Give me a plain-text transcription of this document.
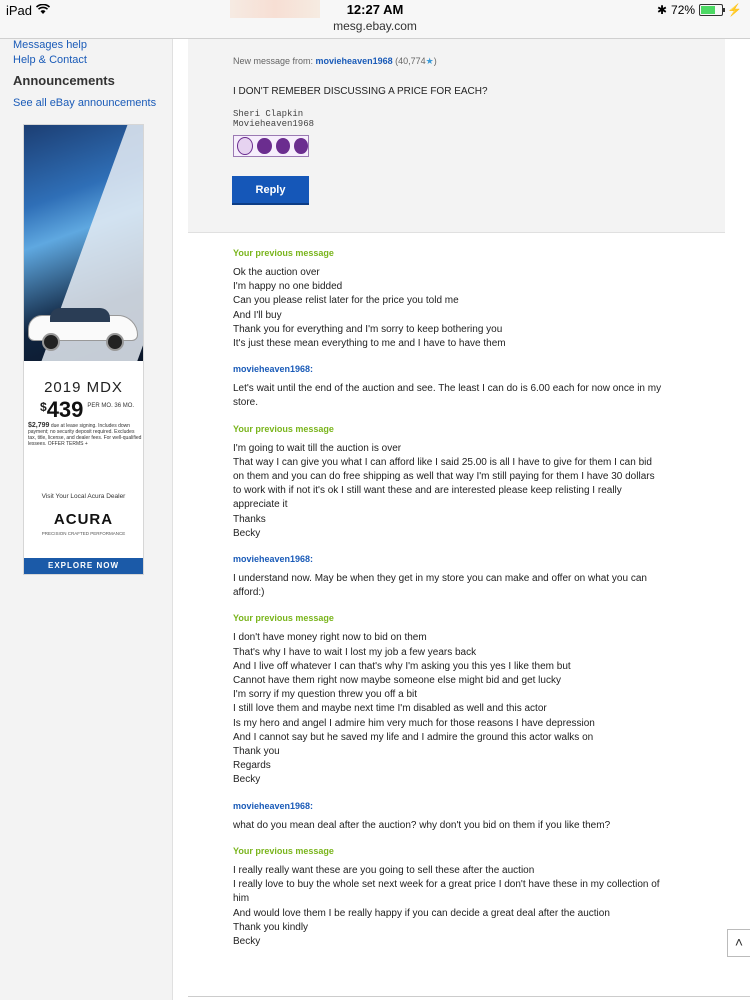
iPad	12:27 AM
mesg.ebay.com
✱ 72%	⚡
Messages help
Help & Contact
Announcements
See all eBay announcements
2019 MDX
$ 439 PER MO. 36 MO.
$2,799 due at lease signing. Includes down payment; no security deposit required. Excludes tax, title, license, and dealer fees. For well-qualified lessees. OFFER TERMS +
Visit Your Local Acura Dealer
ACURA
PRECISION CRAFTED PERFORMANCE
EXPLORE NOW
New message from: movieheaven1968 (40,774★)
I DON'T REMEBER DISCUSSING A PRICE FOR EACH?
Sheri Clapkin
Movieheaven1968
Reply
Your previous message
Ok the auction over
I'm happy no one bidded
Can you please relist later for the price you told me
And I'll buy
Thank you for everything and I'm sorry to keep bothering you
It's just these mean everything to me and I have to have them
movieheaven1968:
Let's wait until the end of the auction and see. The least I can do is 6.00 each for now once in my
store.
Your previous message
I'm going to wait till the auction is over
That way I can give you what I can afford like I said 25.00 is all I have to give for them I can bid
on them and you can do free shipping as well that way I'm still paying for them I have 30 dollars
to work with if not it's ok I still want these and are interested please keep relisting I really
appreciate it
Thanks
Becky
movieheaven1968:
I understand now. May be when they get in my store you can make and offer on what you can
afford:)
Your previous message
I don't have money right now to bid on them
That's why I have to wait I lost my job a few years back
And I live off whatever I can that's why I'm asking you this yes I like them but
Cannot have them right now maybe someone else might bid and get lucky
I'm sorry if my question threw you off a bit
I still love them and maybe next time I'm disabled as well and this actor
Is my hero and angel I admire him very much for those reasons I have depression
And I cannot say but he saved my life and I admire the ground this actor walks on
Thank you
Regards
Becky
movieheaven1968:
what do you mean deal after the auction? why don't you bid on them if you like them?
Your previous message
I really really want these are you going to sell these after the auction
I really love to buy the whole set next week for a great price I don't have these in my collection of
him
And would love them I be really happy if you can decide a great deal after the auction
Thank you kindly
Becky	˄
